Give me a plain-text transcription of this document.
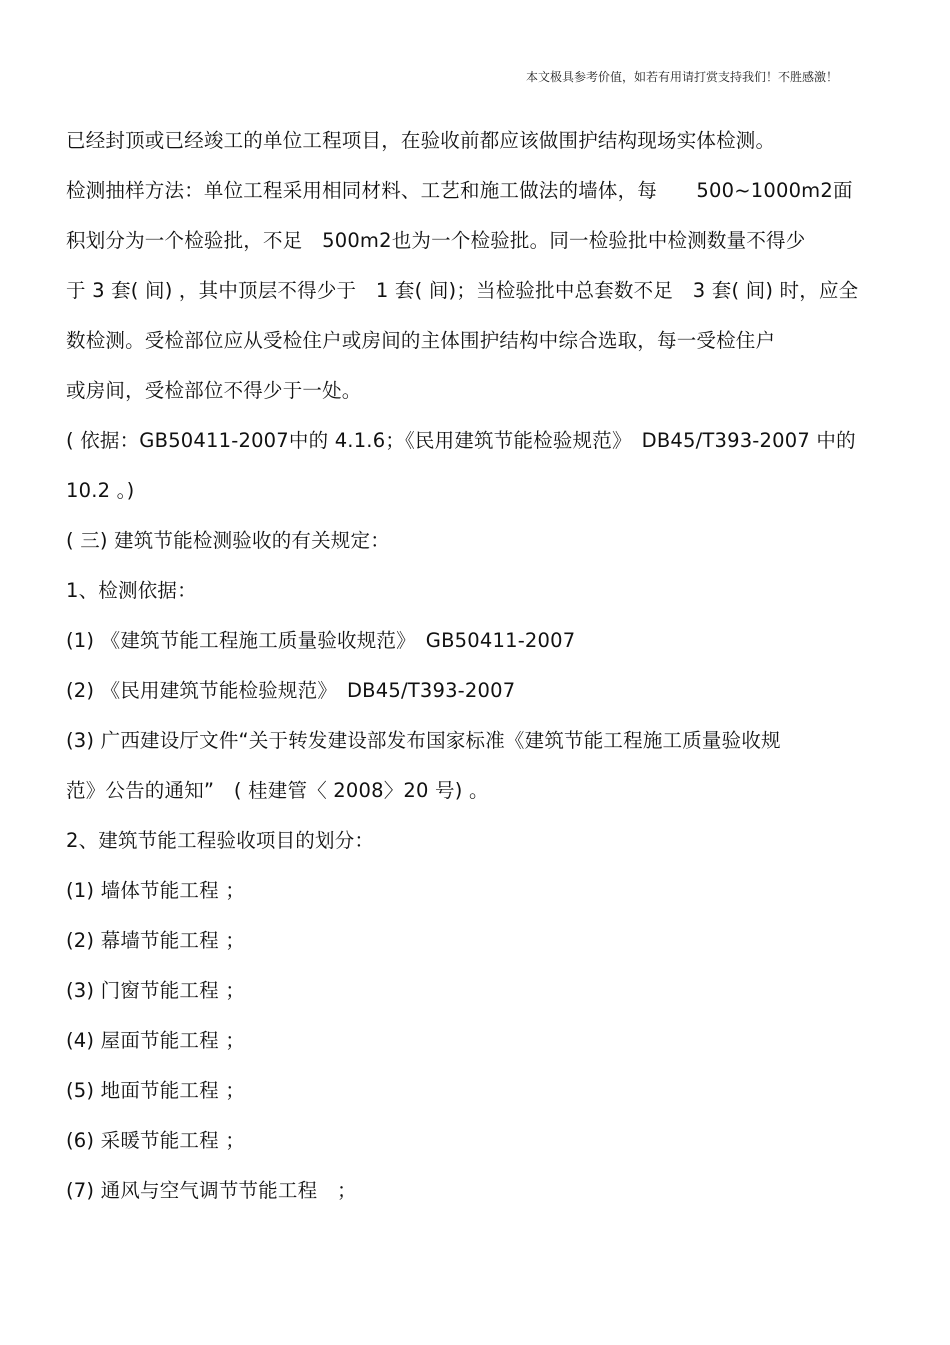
本文极具参考价值，如若有用请打赏支持我们！不胜感激！
已经封顶或已经竣工的单位工程项目，在验收前都应该做围护结构现场实体检测。
检测抽样方法：单位工程采用相同材料、工艺和施工做法的墙体，每　　500~1000m2面
积划分为一个检验批，不足　500m2也为一个检验批。同一检验批中检测数量不得少
于 3 套( 间) ，其中顶层不得少于　1 套( 间)；当检验批中总套数不足　3 套( 间) 时，应全
数检测。受检部位应从受检住户或房间的主体围护结构中综合选取，每一受检住户
或房间，受检部位不得少于一处。
( 依据：GB50411-2007中的 4.1.6；《民用建筑节能检验规范》　DB45/T393-2007 中的
10.2 。)
( 三) 建筑节能检测验收的有关规定：
1、检测依据：
(1) 《建筑节能工程施工质量验收规范》　GB50411-2007
(2) 《民用建筑节能检验规范》　DB45/T393-2007
(3) 广西建设厅文件“关于转发建设部发布国家标准《建筑节能工程施工质量验收规
范》公告的通知”　( 桂建管〈 2008〉20 号) 。
2、建筑节能工程验收项目的划分：
(1) 墙体节能工程 ；
(2) 幕墙节能工程 ；
(3) 门窗节能工程 ；
(4) 屋面节能工程 ；
(5) 地面节能工程 ；
(6) 采暖节能工程 ；
(7) 通风与空气调节节能工程　；
